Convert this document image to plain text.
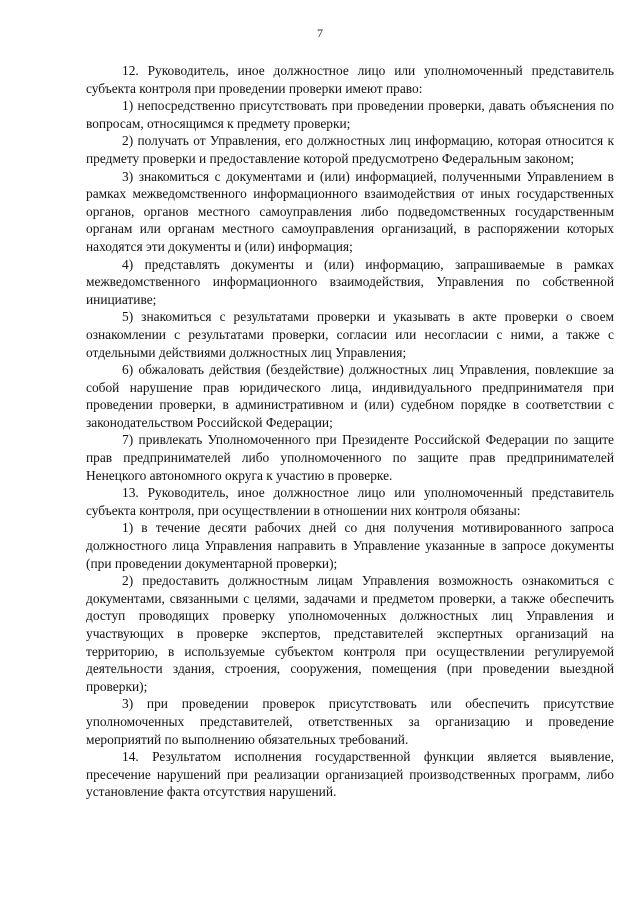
7

12. Руководитель, иное должностное лицо или уполномоченный представитель субъекта контроля при проведении проверки имеют право:

1) непосредственно присутствовать при проведении проверки, давать объяснения по вопросам, относящимся к предмету проверки;

2) получать от Управления, его должностных лиц информацию, которая относится к предмету проверки и предоставление которой предусмотрено Федеральным законом;

3) знакомиться с документами и (или) информацией, полученными Управлением в рамках межведомственного информационного взаимодействия от иных государственных органов, органов местного самоуправления либо подведомственных государственным органам или органам местного самоуправления организаций, в распоряжении которых находятся эти документы и (или) информация;

4) представлять документы и (или) информацию, запрашиваемые в рамках межведомственного информационного взаимодействия, Управления по собственной инициативе;

5) знакомиться с результатами проверки и указывать в акте проверки о своем ознакомлении с результатами проверки, согласии или несогласии с ними, а также с отдельными действиями должностных лиц Управления;

6) обжаловать действия (бездействие) должностных лиц Управления, повлекшие за собой нарушение прав юридического лица, индивидуального предпринимателя при проведении проверки, в административном и (или) судебном порядке в соответствии с законодательством Российской Федерации;

7) привлекать Уполномоченного при Президенте Российской Федерации по защите прав предпринимателей либо уполномоченного по защите прав предпринимателей Ненецкого автономного округа к участию в проверке.

13. Руководитель, иное должностное лицо или уполномоченный представитель субъекта контроля, при осуществлении в отношении них контроля обязаны:

1) в течение десяти рабочих дней со дня получения мотивированного запроса должностного лица Управления направить в Управление указанные в запросе документы (при проведении документарной проверки);

2) предоставить должностным лицам Управления возможность ознакомиться с документами, связанными с целями, задачами и предметом проверки, а также обеспечить доступ проводящих проверку уполномоченных должностных лиц Управления и участвующих в проверке экспертов, представителей экспертных организаций на территорию, в используемые субъектом контроля при осуществлении регулируемой деятельности здания, строения, сооружения, помещения (при проведении выездной проверки);

3) при проведении проверок присутствовать или обеспечить присутствие уполномоченных представителей, ответственных за организацию и проведение мероприятий по выполнению обязательных требований.

14. Результатом исполнения государственной функции является выявление, пресечение нарушений при реализации организацией производственных программ, либо установление факта отсутствия нарушений.
